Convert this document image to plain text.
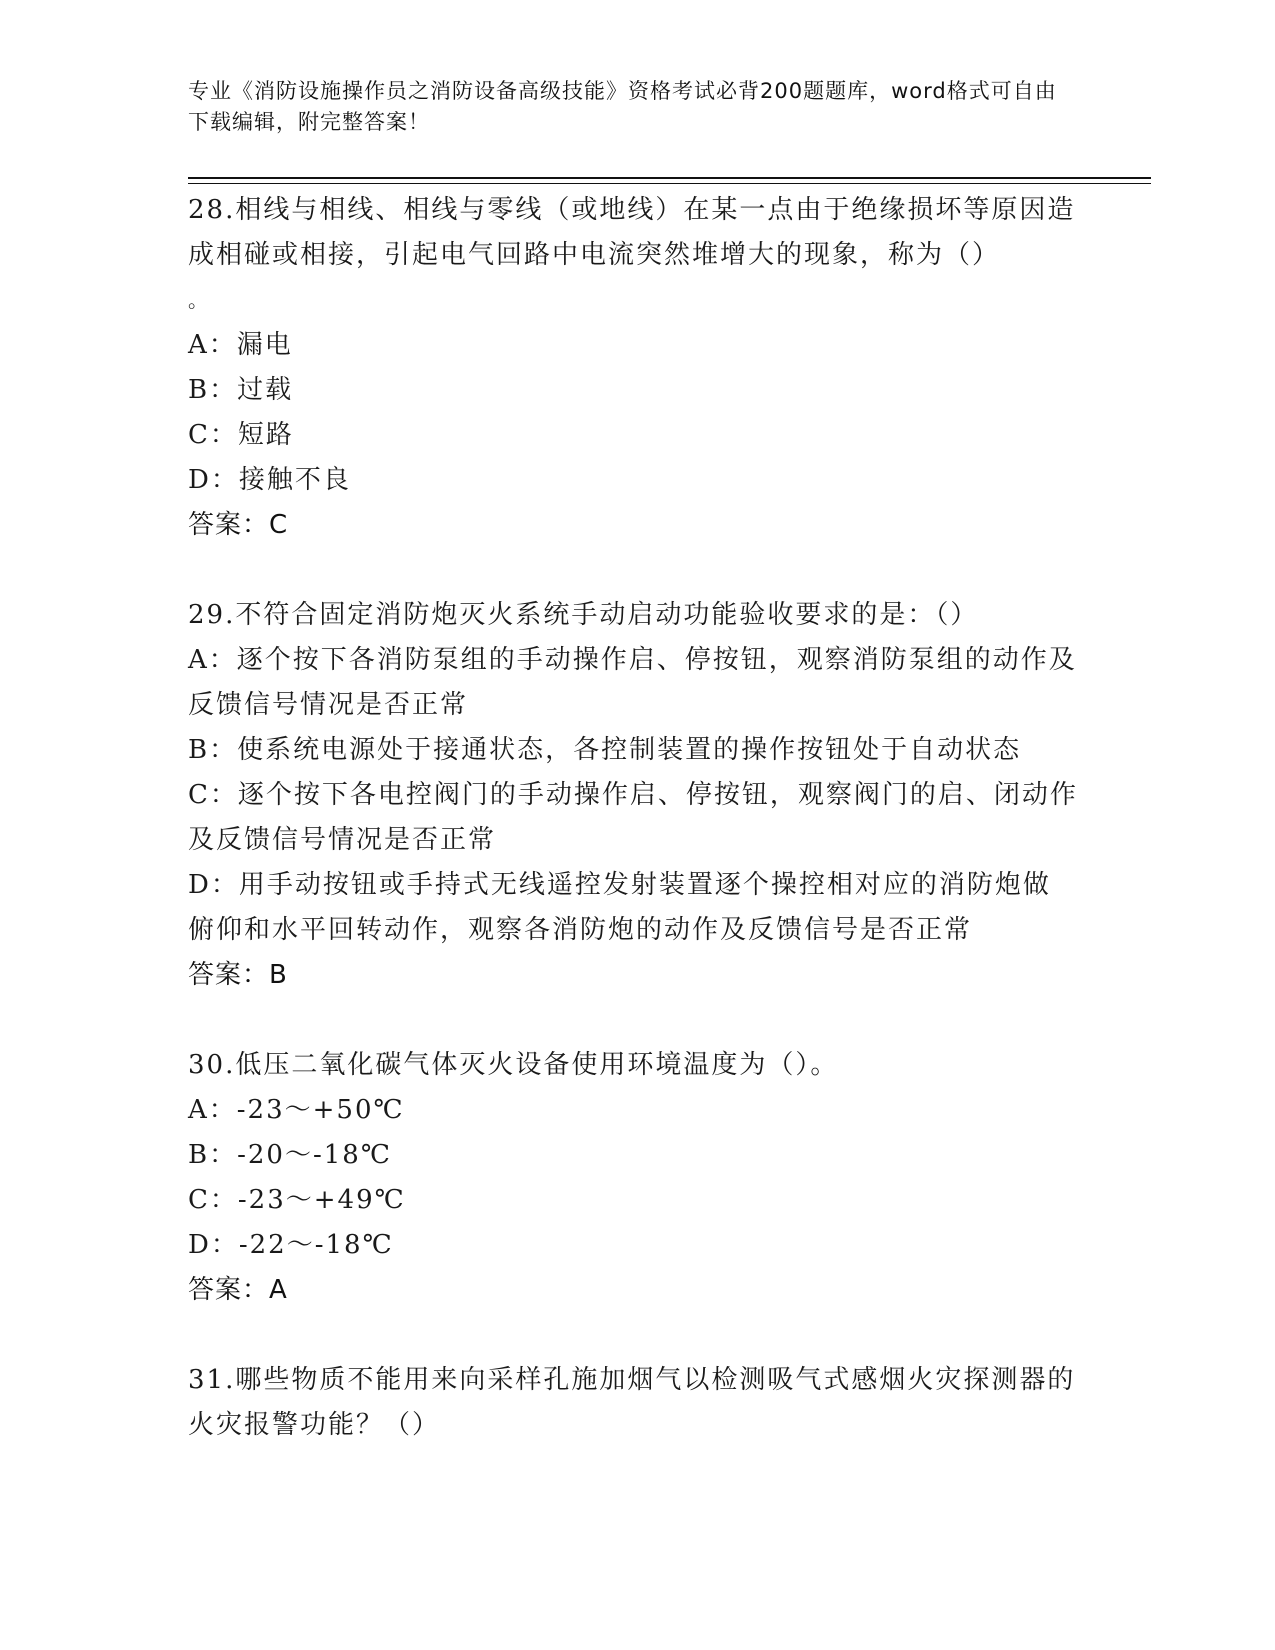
专业《消防设施操作员之消防设备高级技能》资格考试必背200题题库，word格式可自由下载编辑，附完整答案！

28.相线与相线、相线与零线（或地线）在某一点由于绝缘损坏等原因造成相碰或相接，引起电气回路中电流突然堆增大的现象，称为（）

。

A：漏电

B：过载

C：短路

D：接触不良

答案：C

29.不符合固定消防炮灭火系统手动启动功能验收要求的是：（）

A：逐个按下各消防泵组的手动操作启、停按钮，观察消防泵组的动作及反馈信号情况是否正常

B：使系统电源处于接通状态，各控制装置的操作按钮处于自动状态

C：逐个按下各电控阀门的手动操作启、停按钮，观察阀门的启、闭动作及反馈信号情况是否正常

D：用手动按钮或手持式无线遥控发射装置逐个操控相对应的消防炮做俯仰和水平回转动作，观察各消防炮的动作及反馈信号是否正常

答案：B

30.低压二氧化碳气体灭火设备使用环境温度为（）。

A：-23～+50℃

B：-20～-18℃

C：-23～+49℃

D：-22～-18℃

答案：A

31.哪些物质不能用来向采样孔施加烟气以检测吸气式感烟火灾探测器的火灾报警功能？（）
